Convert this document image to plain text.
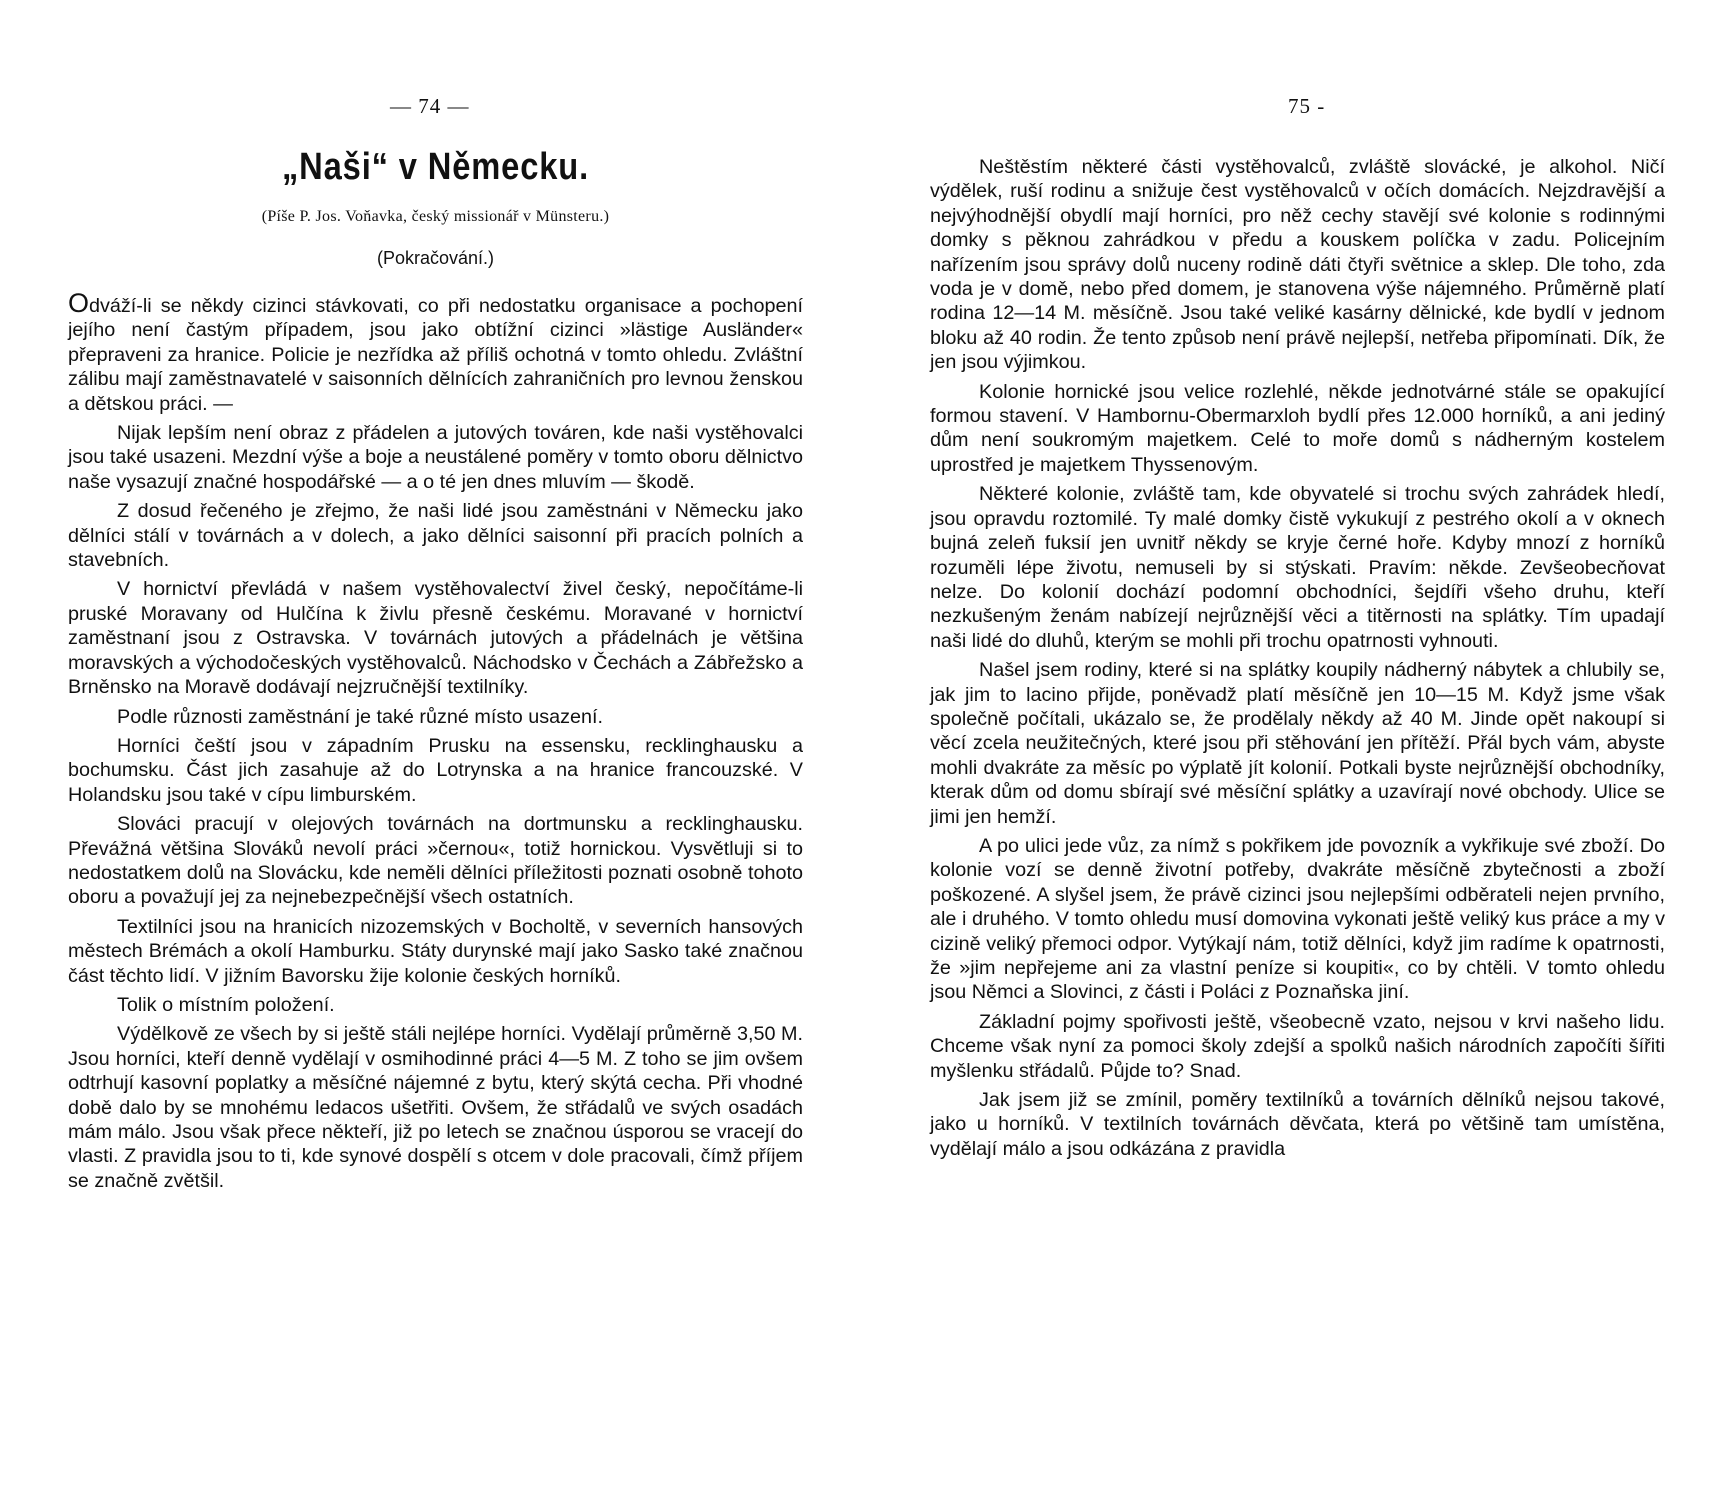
— 74 —
„Naši“ v Německu.
(Píše P. Jos. Voňavka, český missionář v Münsteru.)
(Pokračování.)

Odváží-li se někdy cizinci stávkovati, co při nedostatku organisace a pochopení jejího není častým případem, jsou jako obtížní cizinci »lästige Ausländer« přepraveni za hranice. Policie je nezřídka až příliš ochotná v tomto ohledu. Zvláštní zálibu mají zaměstnavatelé v saisonních dělnících zahraničních pro levnou ženskou a dětskou práci. —

Nijak lepším není obraz z přádelen a jutových továren, kde naši vystěhovalci jsou také usazeni. Mezdní výše a boje a neustálené poměry v tomto oboru dělnictvo naše vysazují značné hospodářské — a o té jen dnes mluvím — škodě.

Z dosud řečeného je zřejmo, že naši lidé jsou zaměstnáni v Německu jako dělníci stálí v továrnách a v dolech, a jako dělníci saisonní při pracích polních a stavebních.

V hornictví převládá v našem vystěhovalectví živel český, nepočítáme-li pruské Moravany od Hulčína k živlu přesně českému. Moravané v hornictví zaměstnaní jsou z Ostravska. V továrnách jutových a přádelnách je většina moravských a východočeských vystěhovalců. Náchodsko v Čechách a Zábřežsko a Brněnsko na Moravě dodávají nejzručnější textilníky.

Podle různosti zaměstnání je také různé místo usazení.

Horníci čeští jsou v západním Prusku na essensku, recklinghausku a bochumsku. Část jich zasahuje až do Lotrynska a na hranice francouzské. V Holandsku jsou také v cípu limburském.

Slováci pracují v olejových továrnách na dortmunsku a recklinghausku. Převážná většina Slováků nevolí práci »černou«, totiž hornickou. Vysvětluji si to nedostatkem dolů na Slovácku, kde neměli dělníci příležitosti poznati osobně tohoto oboru a považují jej za nejnebezpečnější všech ostatních.

Textilníci jsou na hranicích nizozemských v Bocholtě, v severních hansových městech Brémách a okolí Hamburku. Státy durynské mají jako Sasko také značnou část těchto lidí. V jižním Bavorsku žije kolonie českých horníků.

Tolik o místním položení.

Výdělkově ze všech by si ještě stáli nejlépe horníci. Vydělají průměrně 3,50 M. Jsou horníci, kteří denně vydělají v osmihodinné práci 4—5 M. Z toho se jim ovšem odtrhují kasovní poplatky a měsíčné nájemné z bytu, který skýtá cecha. Při vhodné době dalo by se mnohému ledacos ušetřiti. Ovšem, že střádalů ve svých osadách mám málo. Jsou však přece někteří, již po letech se značnou úsporou se vracejí do vlasti. Z pravidla jsou to ti, kde synové dospělí s otcem v dole pracovali, čímž příjem se značně zvětšil.

75 -

Neštěstím některé části vystěhovalců, zvláště slovácké, je alkohol. Ničí výdělek, ruší rodinu a snižuje čest vystěhovalců v očích domácích. Nejzdravější a nejvýhodnější obydlí mají horníci, pro něž cechy stavějí své kolonie s rodinnými domky s pěknou zahrádkou v předu a kouskem políčka v zadu. Policejním nařízením jsou správy dolů nuceny rodině dáti čtyři světnice a sklep. Dle toho, zda voda je v domě, nebo před domem, je stanovena výše nájemného. Průměrně platí rodina 12—14 M. měsíčně. Jsou také veliké kasárny dělnické, kde bydlí v jednom bloku až 40 rodin. Že tento způsob není právě nejlepší, netřeba připomínati. Dík, že jen jsou výjimkou.

Kolonie hornické jsou velice rozlehlé, někde jednotvárné stále se opakující formou stavení. V Hambornu-Obermarxloh bydlí přes 12.000 horníků, a ani jediný dům není soukromým majetkem. Celé to moře domů s nádherným kostelem uprostřed je majetkem Thyssenovým.

Některé kolonie, zvláště tam, kde obyvatelé si trochu svých zahrádek hledí, jsou opravdu roztomilé. Ty malé domky čistě vykukují z pestrého okolí a v oknech bujná zeleň fuksií jen uvnitř někdy se kryje černé hoře. Kdyby mnozí z horníků rozuměli lépe životu, nemuseli by si stýskati. Pravím: někde. Zevšeobecňovat nelze. Do kolonií dochází podomní obchodníci, šejdíři všeho druhu, kteří nezkušeným ženám nabízejí nejrůznější věci a titěrnosti na splátky. Tím upadají naši lidé do dluhů, kterým se mohli při trochu opatrnosti vyhnouti.

Našel jsem rodiny, které si na splátky koupily nádherný nábytek a chlubily se, jak jim to lacino přijde, poněvadž platí měsíčně jen 10—15 M. Když jsme však společně počítali, ukázalo se, že prodělaly někdy až 40 M. Jinde opět nakoupí si věcí zcela neužitečných, které jsou při stěhování jen přítěží. Přál bych vám, abyste mohli dvakráte za měsíc po výplatě jít kolonií. Potkali byste nejrůznější obchodníky, kterak dům od domu sbírají své měsíční splátky a uzavírají nové obchody. Ulice se jimi jen hemží.

A po ulici jede vůz, za nímž s pokřikem jde povozník a vykřikuje své zboží. Do kolonie vozí se denně životní potřeby, dvakráte měsíčně zbytečnosti a zboží poškozené. A slyšel jsem, že právě cizinci jsou nejlepšími odběrateli nejen prvního, ale i druhého. V tomto ohledu musí domovina vykonati ještě veliký kus práce a my v cizině veliký přemoci odpor. Vytýkají nám, totiž dělníci, když jim radíme k opatrnosti, že »jim nepřejeme ani za vlastní peníze si koupiti«, co by chtěli. V tomto ohledu jsou Němci a Slovinci, z části i Poláci z Poznaňska jiní.

Základní pojmy spořivosti ještě, všeobecně vzato, nejsou v krvi našeho lidu. Chceme však nyní za pomoci školy zdejší a spolků našich národních započíti šířiti myšlenku střádalů. Půjde to? Snad.

Jak jsem již se zmínil, poměry textilníků a továrních dělníků nejsou takové, jako u horníků. V textilních továrnách děvčata, která po většině tam umístěna, vydělají málo a jsou odkázána z pravidla
